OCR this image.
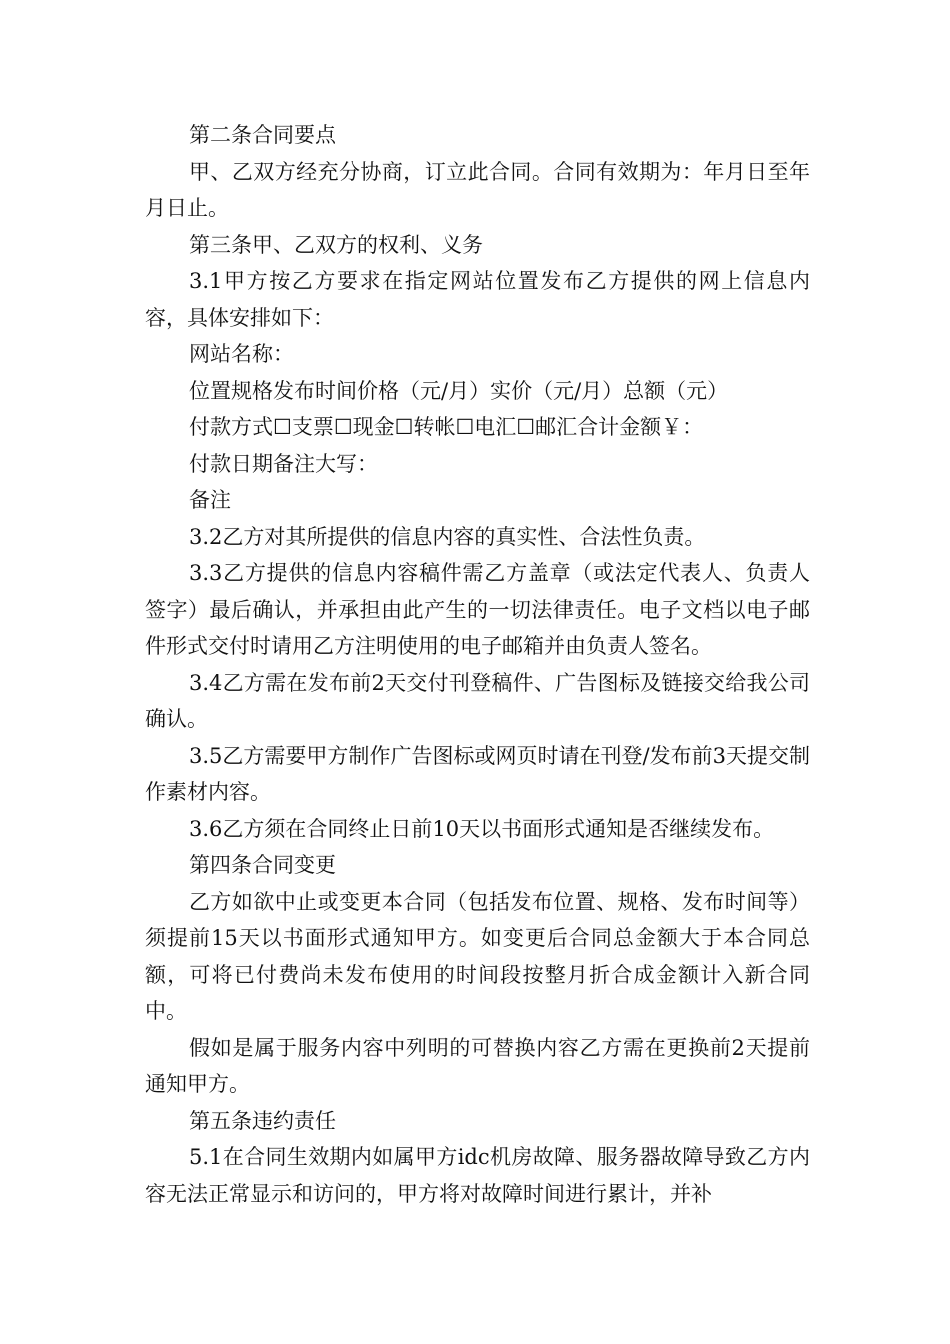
第二条合同要点

甲、乙双方经充分协商，订立此合同。合同有效期为：年月日至年月日止。

第三条甲、乙双方的权利、义务

3.1甲方按乙方要求在指定网站位置发布乙方提供的网上信息内容，具体安排如下：

网站名称：

位置规格发布时间价格（元/月）实价（元/月）总额（元）

付款方式☐支票☐现金☐转帐☐电汇☐邮汇合计金额￥：

付款日期备注大写：

备注

3.2乙方对其所提供的信息内容的真实性、合法性负责。

3.3乙方提供的信息内容稿件需乙方盖章（或法定代表人、负责人签字）最后确认，并承担由此产生的一切法律责任。电子文档以电子邮件形式交付时请用乙方注明使用的电子邮箱并由负责人签名。

3.4乙方需在发布前2天交付刊登稿件、广告图标及链接交给我公司确认。

3.5乙方需要甲方制作广告图标或网页时请在刊登/发布前3天提交制作素材内容。

3.6乙方须在合同终止日前10天以书面形式通知是否继续发布。

第四条合同变更

乙方如欲中止或变更本合同（包括发布位置、规格、发布时间等）须提前15天以书面形式通知甲方。如变更后合同总金额大于本合同总额，可将已付费尚未发布使用的时间段按整月折合成金额计入新合同中。

假如是属于服务内容中列明的可替换内容乙方需在更换前2天提前通知甲方。

第五条违约责任

5.1在合同生效期内如属甲方idc机房故障、服务器故障导致乙方内容无法正常显示和访问的，甲方将对故障时间进行累计，并补
